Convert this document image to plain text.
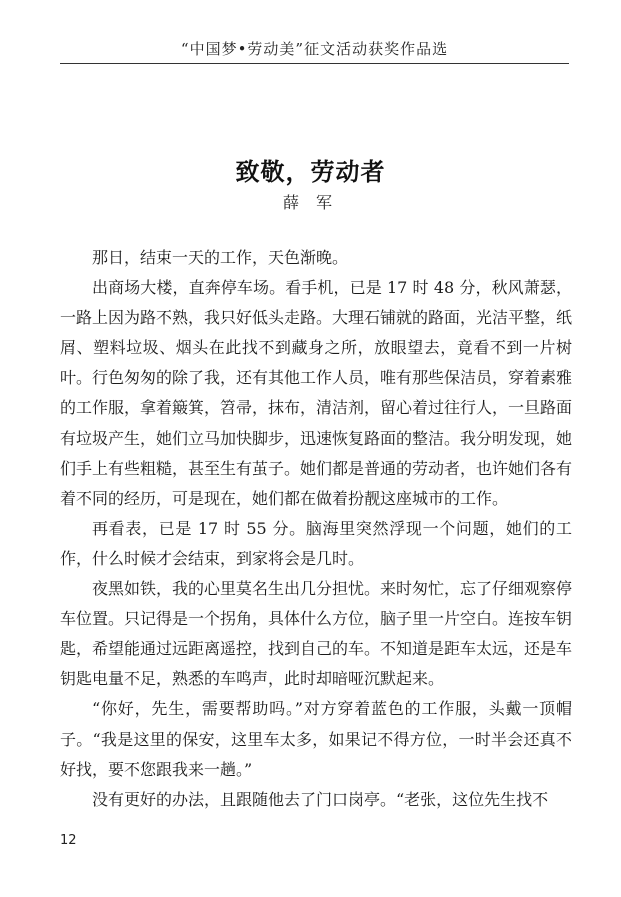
“中国梦•劳动美”征文活动获奖作品选
致敬，劳动者
薛 军

那日，结束一天的工作，天色渐晚。

出商场大楼，直奔停车场。看手机，已是 17 时 48 分，秋风萧瑟，一路上因为路不熟，我只好低头走路。大理石铺就的路面，光洁平整，纸屑、塑料垃圾、烟头在此找不到藏身之所，放眼望去，竟看不到一片树叶。行色匆匆的除了我，还有其他工作人员，唯有那些保洁员，穿着素雅的工作服，拿着簸箕，笤帚，抹布，清洁剂，留心着过往行人，一旦路面有垃圾产生，她们立马加快脚步，迅速恢复路面的整洁。我分明发现，她们手上有些粗糙，甚至生有茧子。她们都是普通的劳动者，也许她们各有着不同的经历，可是现在，她们都在做着扮靓这座城市的工作。

再看表，已是 17 时 55 分。脑海里突然浮现一个问题，她们的工作，什么时候才会结束，到家将会是几时。

夜黑如铁，我的心里莫名生出几分担忧。来时匆忙，忘了仔细观察停车位置。只记得是一个拐角，具体什么方位，脑子里一片空白。连按车钥匙，希望能通过远距离遥控，找到自己的车。不知道是距车太远，还是车钥匙电量不足，熟悉的车鸣声，此时却暗哑沉默起来。

“你好，先生，需要帮助吗。”对方穿着蓝色的工作服，头戴一顶帽子。“我是这里的保安，这里车太多，如果记不得方位，一时半会还真不好找，要不您跟我来一趟。”

没有更好的办法，且跟随他去了门口岗亭。“老张，这位先生找不

12
